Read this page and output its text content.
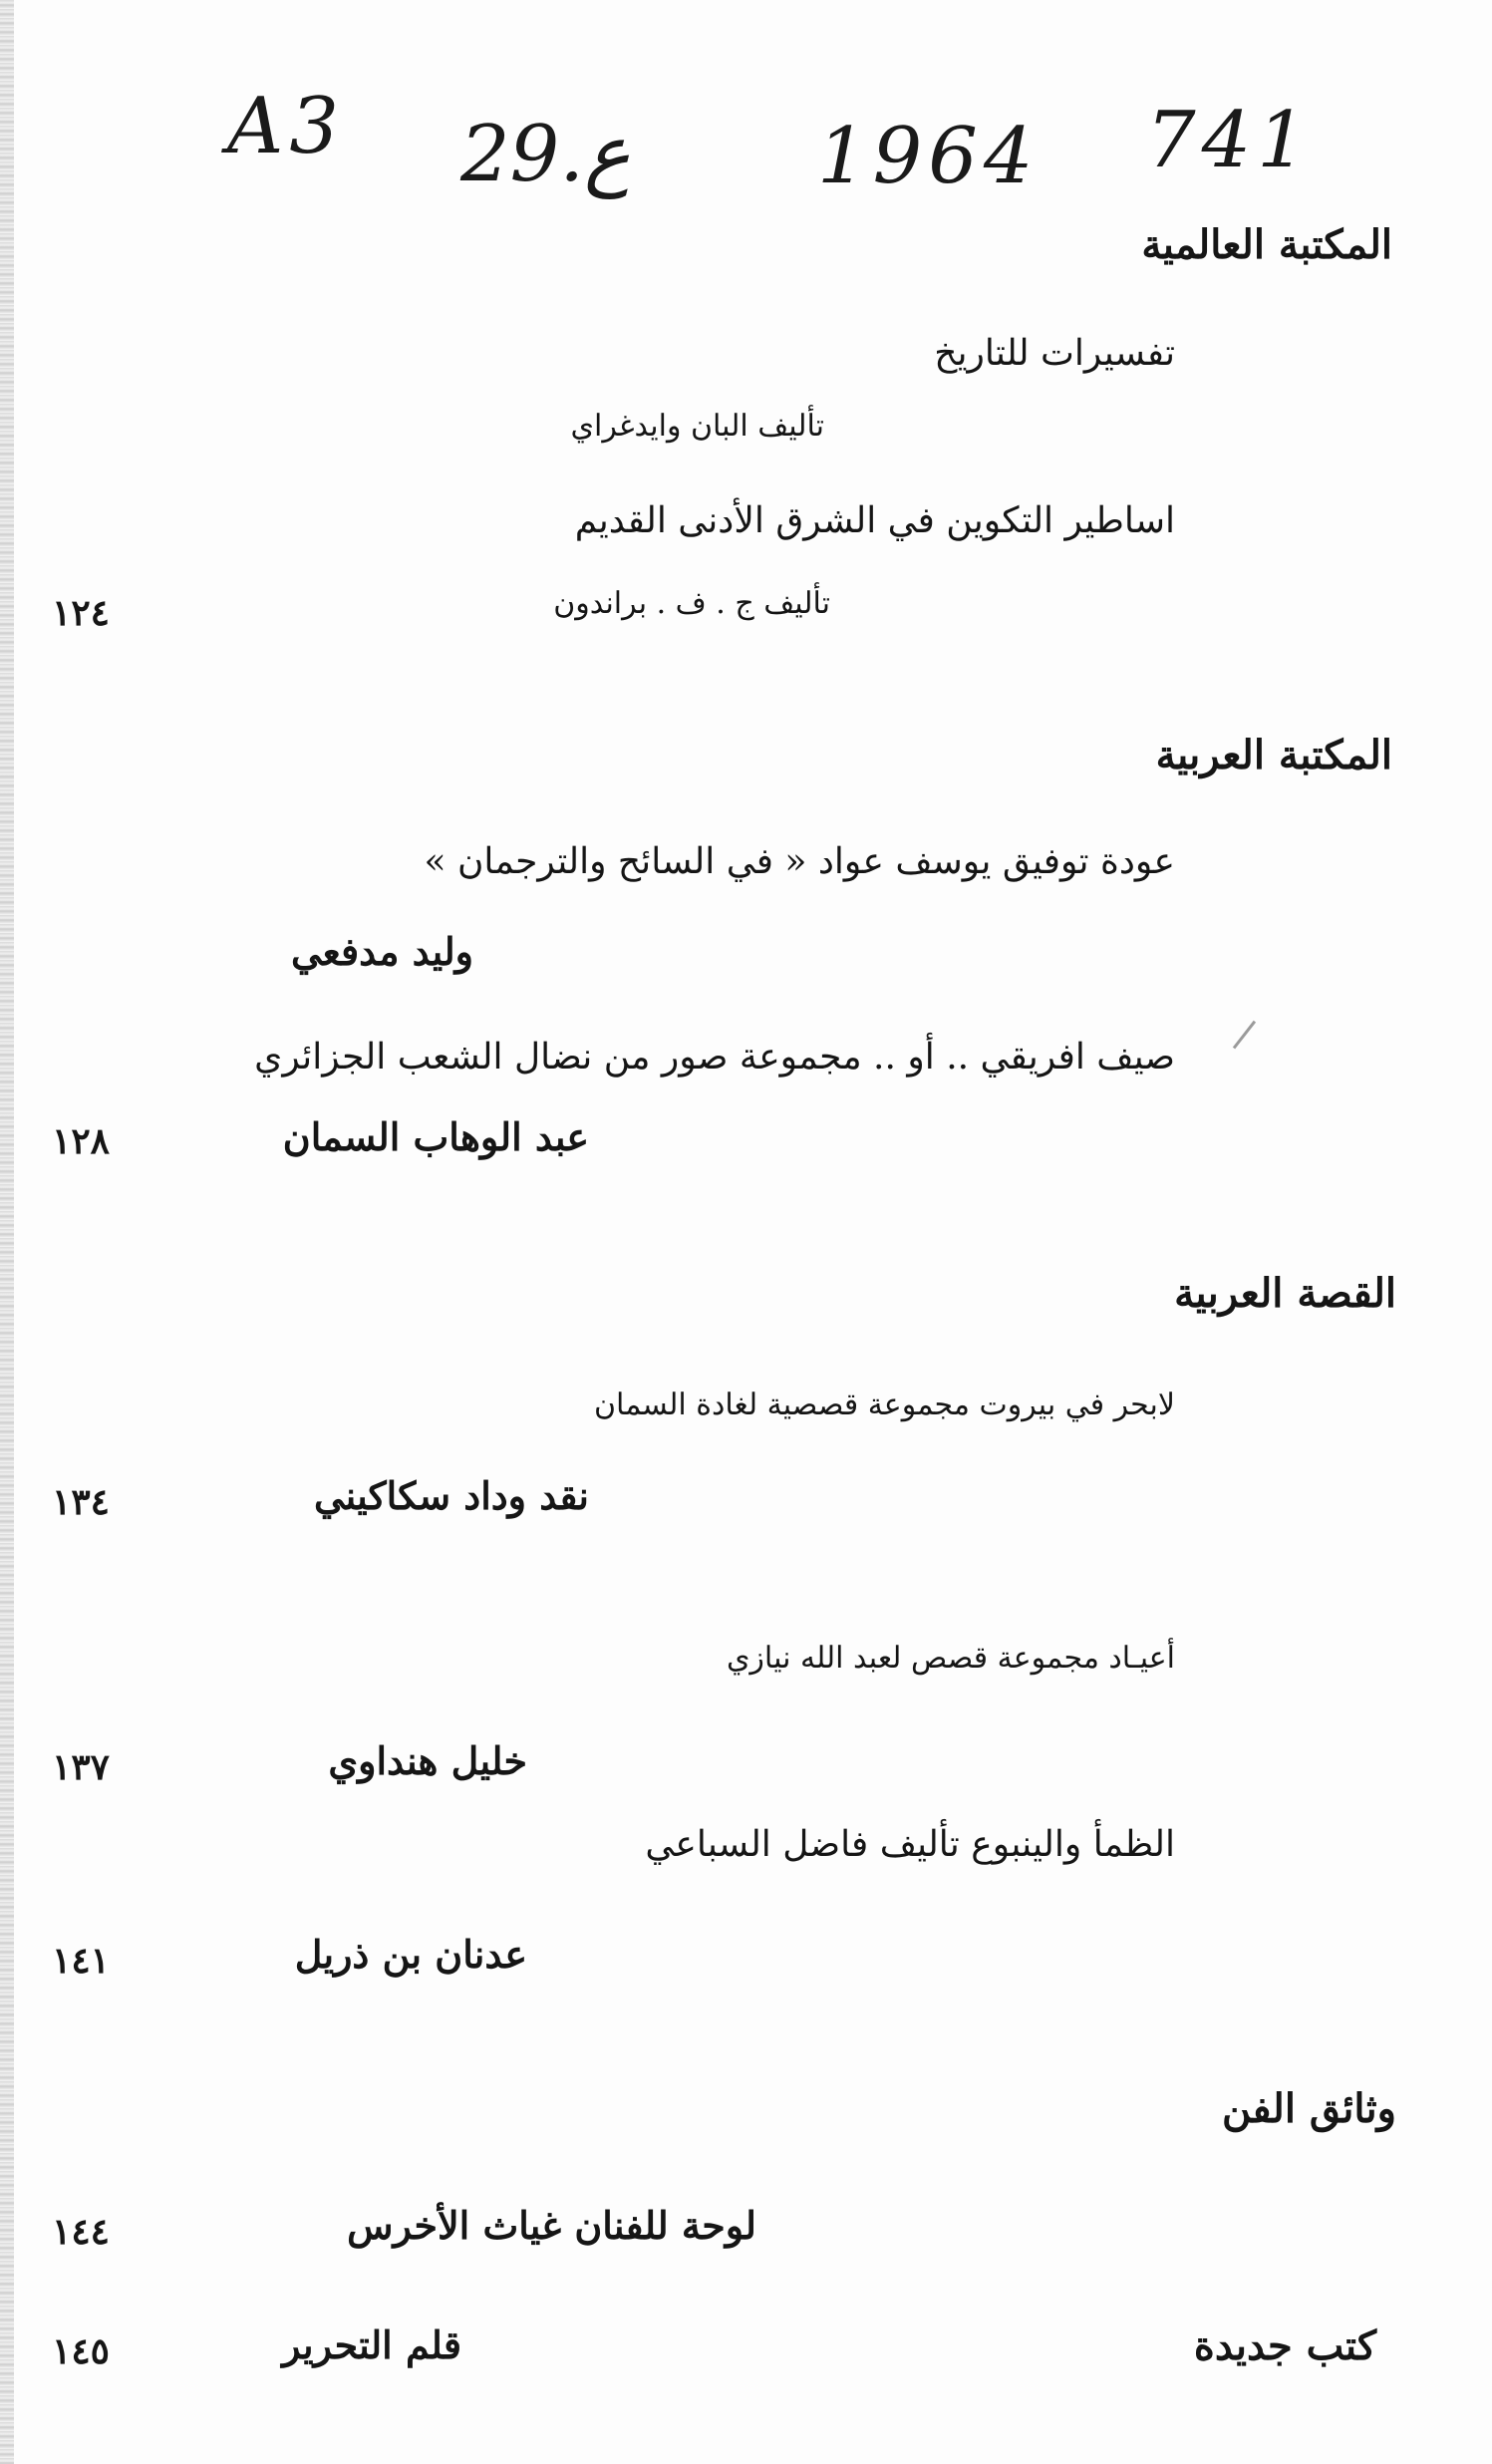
A3 29.ع 1964 741
المكتبة العالمية
تفسيرات للتاريخ
تأليف البان وايدغراي
اساطير التكوين في الشرق الأدنى القديم
تأليف ج . ف . براندون
١٢٤
المكتبة العربية
عودة توفيق يوسف عواد « في السائح والترجمان »
وليد مدفعي
صيف افريقي .. أو .. مجموعة صور من نضال الشعب الجزائري
عبد الوهاب السمان
١٢٨
القصة العربية
لابحر في بيروت مجموعة قصصية لغادة السمان
نقد وداد سكاكيني
١٣٤
أعيـاد مجموعة قصص لعبد الله نيازي
خليل هنداوي
١٣٧
الظمأ والينبوع تأليف فاضل السباعي
عدنان بن ذريل
١٤١
وثائق الفن
لوحة للفنان غياث الأخرس
١٤٤
كتب جديدة
قلم التحرير
١٤٥
